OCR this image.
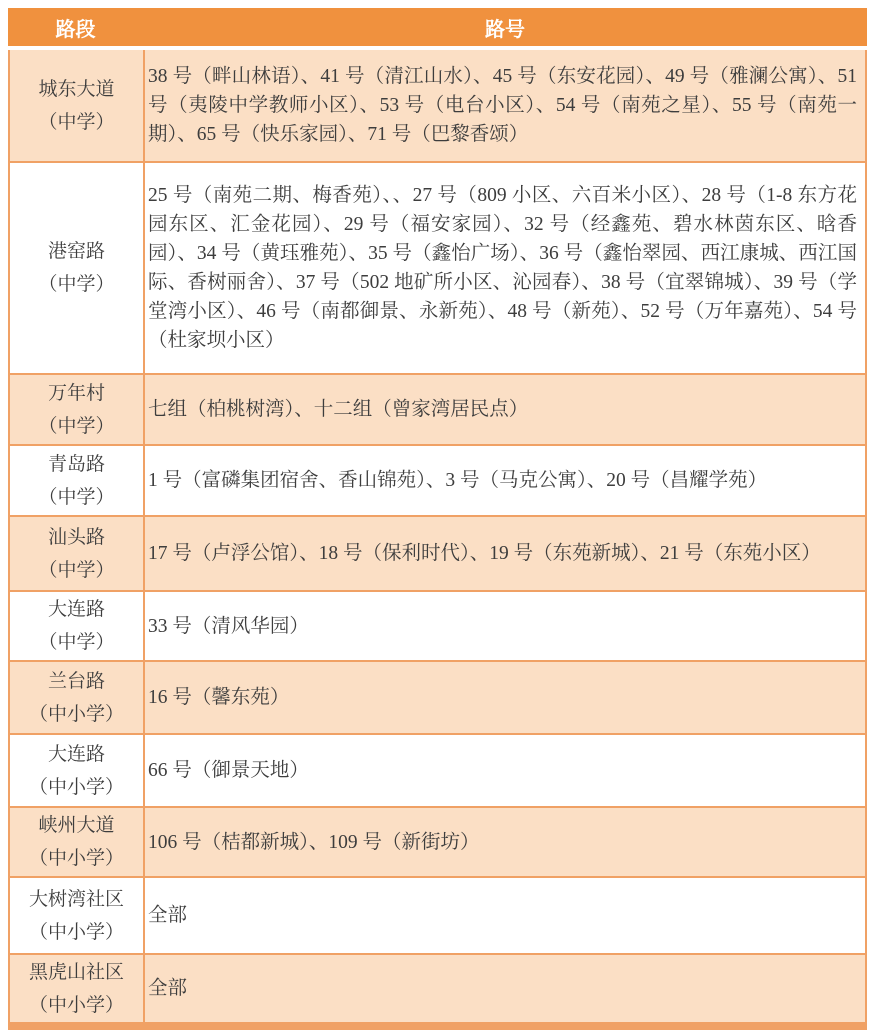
路段	路号
城东大道
（中学）
38 号（畔山林语）、41 号（清江山水）、45 号（东安花园）、49 号（雅澜公寓）、51 号（夷陵中学教师小区）、53 号（电台小区）、54 号（南苑之星）、55 号（南苑一期）、65 号（快乐家园）、71 号（巴黎香颂）
港窑路
（中学）
25 号（南苑二期、梅香苑）、、27 号（809 小区、六百米小区）、28 号（1-8 东方花园东区、汇金花园）、29 号（福安家园）、32 号（经鑫苑、碧水林茵东区、晗香园）、34 号（黄珏雅苑）、35 号（鑫怡广场）、36 号（鑫怡翠园、西江康城、西江国际、香树丽舍）、37 号（502 地矿所小区、沁园春）、38 号（宜翠锦城）、39 号（学堂湾小区）、46 号（南都御景、永新苑）、48 号（新苑）、52 号（万年嘉苑）、54 号（杜家坝小区）
万年村
（中学）
七组（柏桃树湾）、十二组（曾家湾居民点）
青岛路
（中学）
1 号（富磷集团宿舍、香山锦苑）、3 号（马克公寓）、20 号（昌耀学苑）
汕头路
（中学）
17 号（卢浮公馆）、18 号（保利时代）、19 号（东苑新城）、21 号（东苑小区）
大连路
（中学）
33 号（清风华园）
兰台路
（中小学）
16 号（馨东苑）
大连路
（中小学）
66 号（御景天地）
峡州大道
（中小学）
106 号（桔都新城）、109 号（新街坊）
大树湾社区
（中小学）
全部
黑虎山社区
（中小学）
全部
